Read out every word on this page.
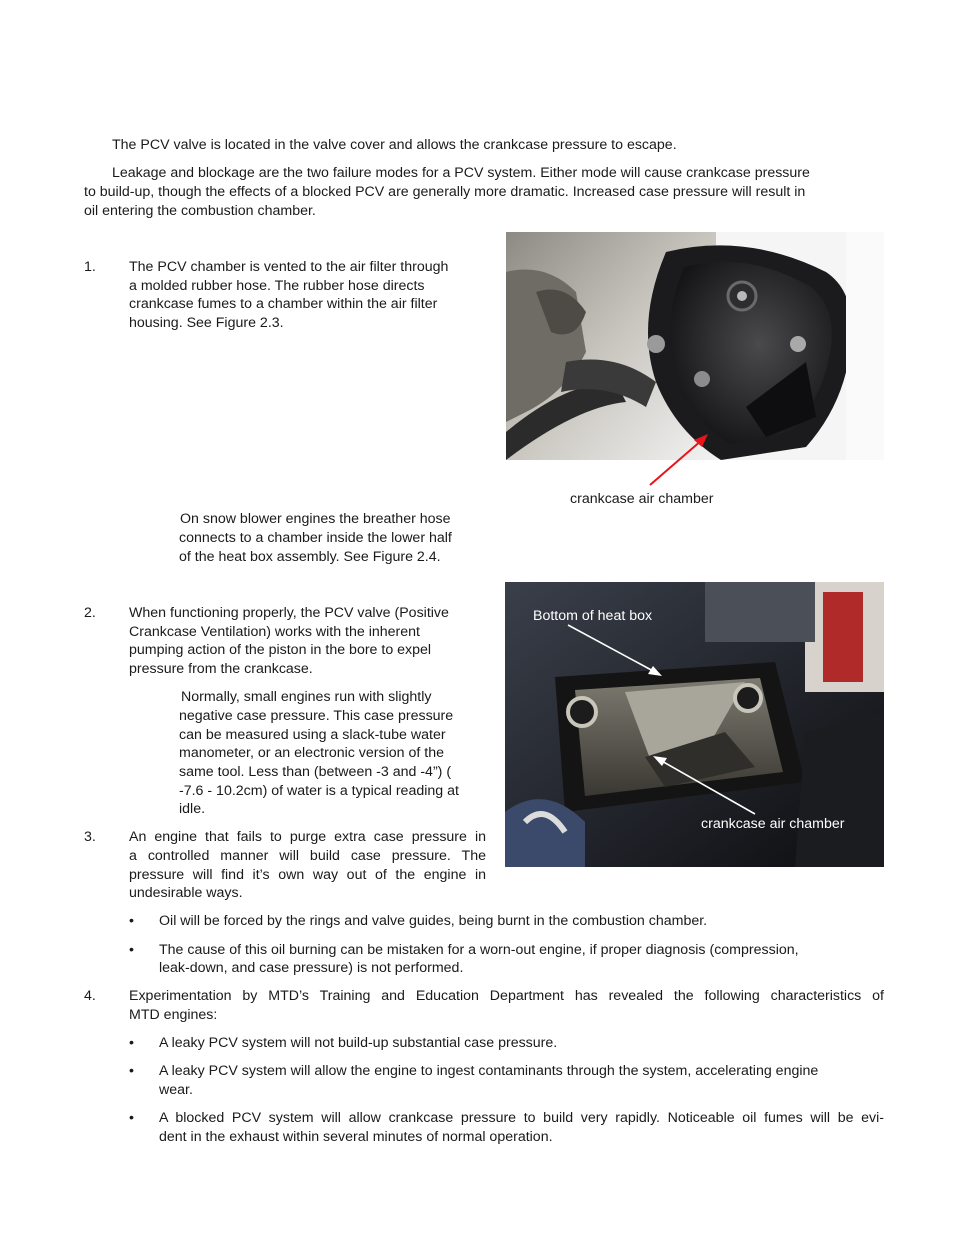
The PCV valve is located in the valve cover and allows the crankcase pressure to escape.
Leakage and blockage are the two failure modes for a PCV system. Either mode will cause crankcase pressure
to build-up, though the effects of a blocked PCV are generally more dramatic. Increased case pressure will result in
oil entering the combustion chamber.
1. The PCV chamber is vented to the air filter through
a molded rubber hose. The rubber hose directs
crankcase fumes to a chamber within the air filter
housing. See Figure 2.3.
crankcase air chamber
On snow blower engines the breather hose
connects to a chamber inside the lower half
of the heat box assembly. See Figure 2.4.
Bottom of heat box
crankcase air chamber
2. When functioning properly, the PCV valve (Positive
Crankcase Ventilation) works with the inherent
pumping action of the piston in the bore to expel
pressure from the crankcase.
Normally, small engines run with slightly
negative case pressure. This case pressure
can be measured using a slack-tube water
manometer, or an electronic version of the
same tool. Less than (between -3 and -4”) (
-7.6 - 10.2cm) of water is a typical reading at
idle.
3. An engine that fails to purge extra case pressure in
a controlled manner will build case pressure. The
pressure will find it’s own way out of the engine in
undesirable ways.
• Oil will be forced by the rings and valve guides, being burnt in the combustion chamber.
• The cause of this oil burning can be mistaken for a worn-out engine, if proper diagnosis (compression,
leak-down, and case pressure) is not performed.
4. Experimentation by MTD’s Training and Education Department has revealed the following characteristics of
MTD engines:
• A leaky PCV system will not build-up substantial case pressure.
• A leaky PCV system will allow the engine to ingest contaminants through the system, accelerating engine
wear.
• A blocked PCV system will allow crankcase pressure to build very rapidly. Noticeable oil fumes will be evi-
dent in the exhaust within several minutes of normal operation.
